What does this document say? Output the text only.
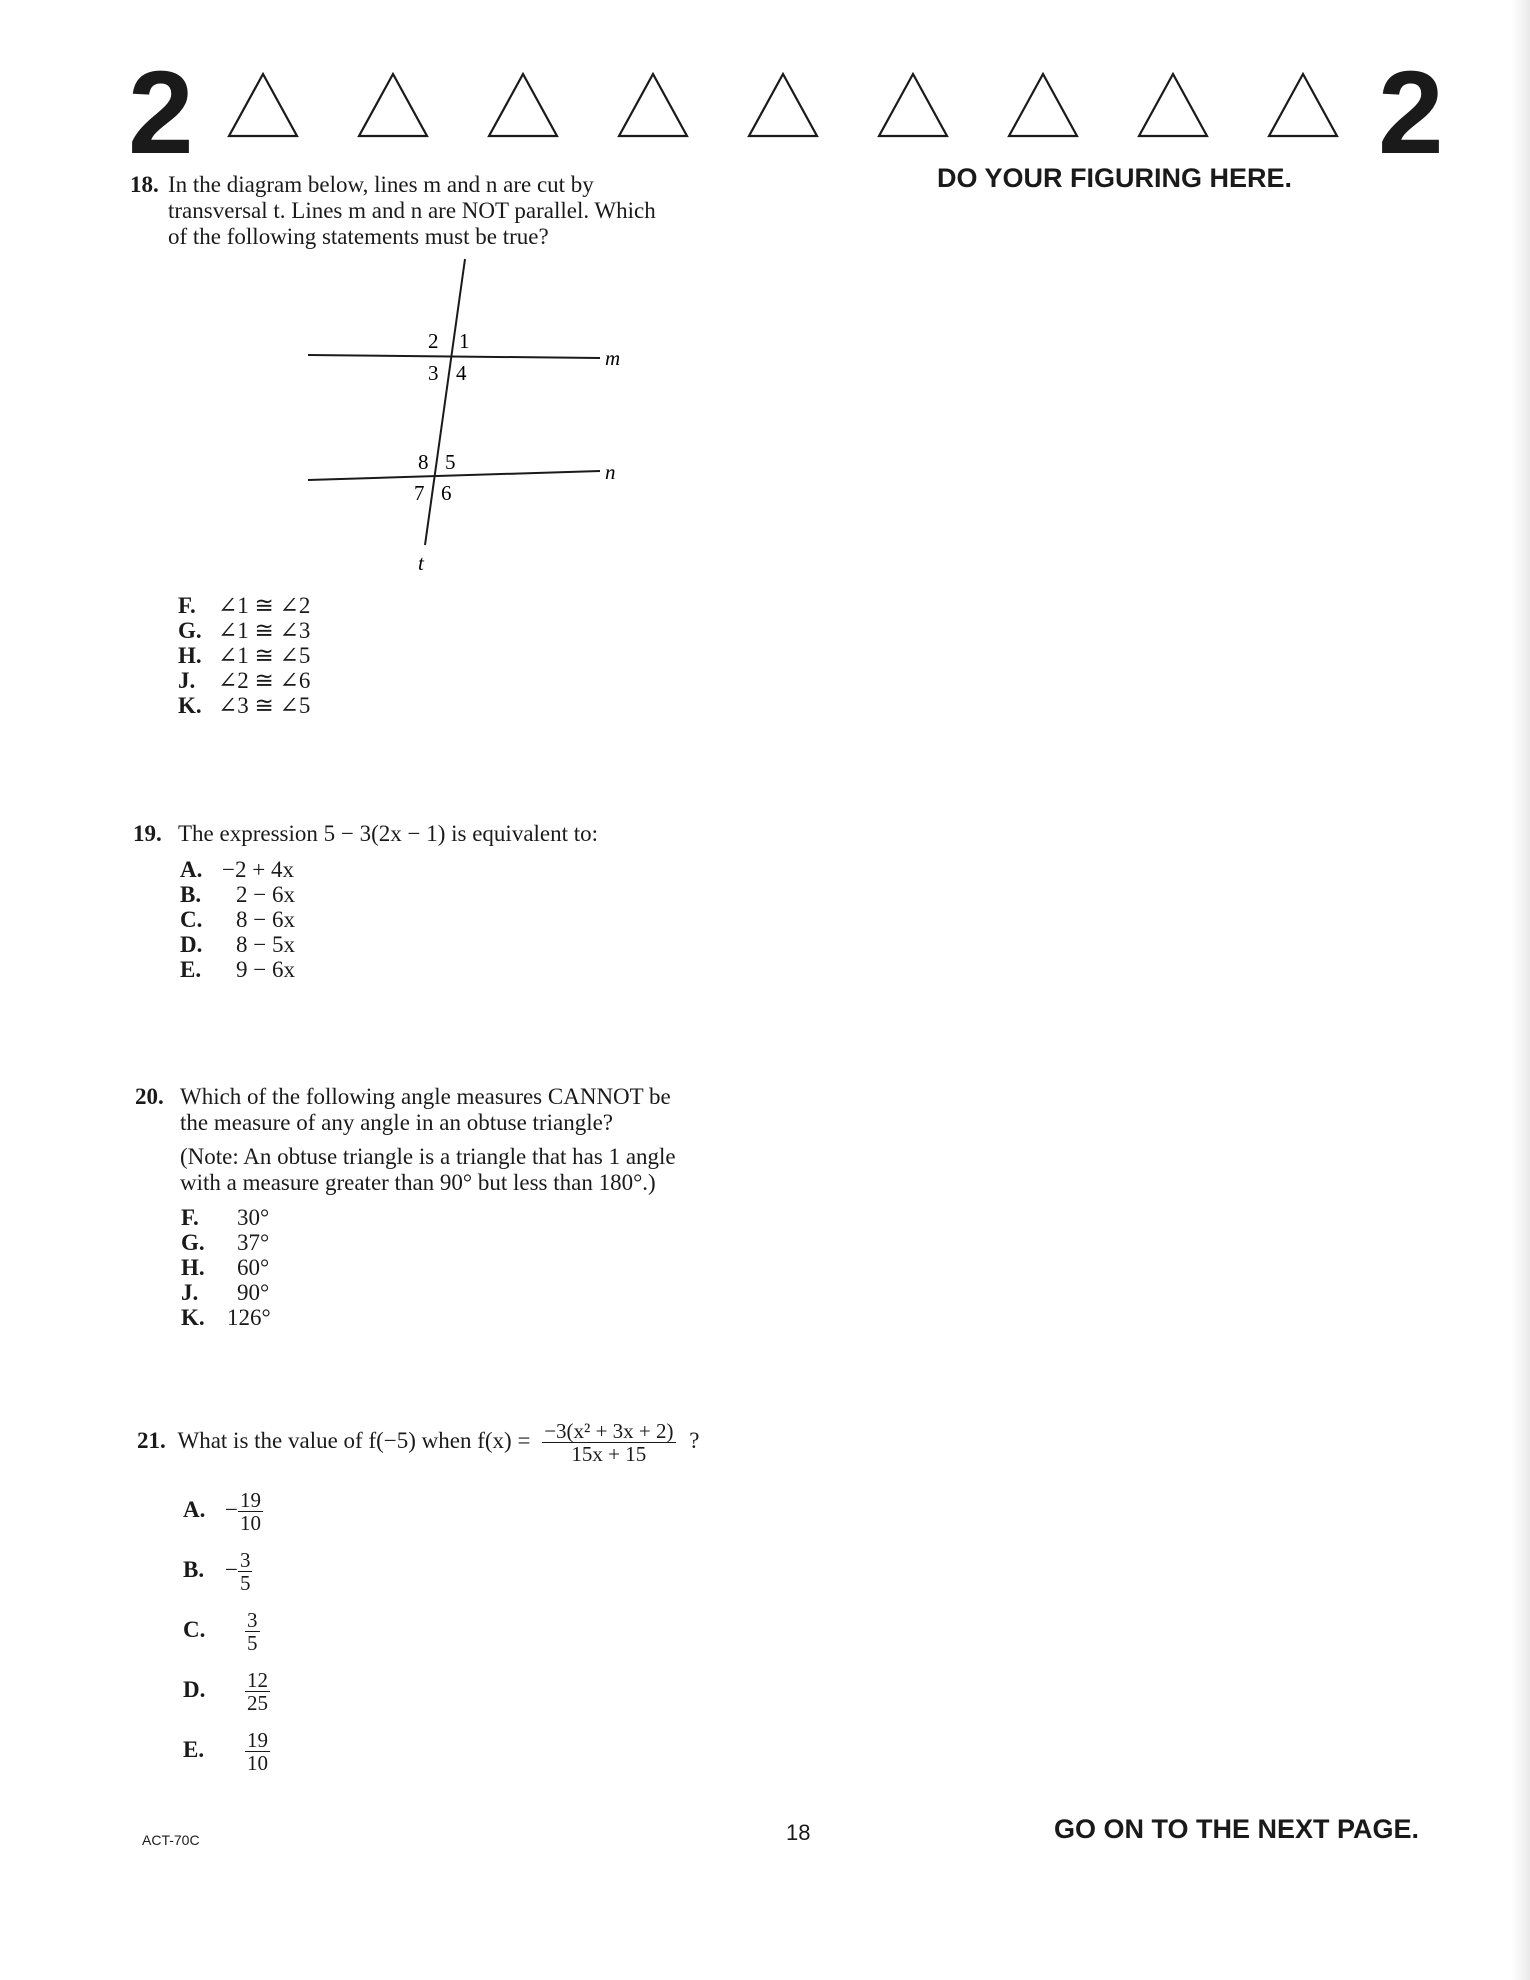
2	2
DO YOUR FIGURING HERE.
18. In the diagram below, lines m and n are cut by
transversal t. Lines m and n are NOT parallel. Which
of the following statements must be true?
m
n
t
1
2
3 4
5
6
7
8
F. ∠1 ≅ ∠2
G. ∠1 ≅ ∠3
H. ∠1 ≅ ∠5
J. ∠2 ≅ ∠6
K. ∠3 ≅ ∠5
19. The expression 5 − 3(2x − 1) is equivalent to:
A. −2 + 4x
B. 2 − 6x
C. 8 − 6x
D. 8 − 5x
E. 9 − 6x
20. Which of the following angle measures CANNOT be
the measure of any angle in an obtuse triangle?
(Note: An obtuse triangle is a triangle that has 1 angle
with a measure greater than 90° but less than 180°.)
F. 30°
G. 37°
H. 60°
J. 90°
K. 126°
21. What is the value of f(−5) when $f(x) = \frac{\text{−3(x² + 3x + 2)}}{15x + 15}$ ?
A. − $\frac{19}{10}$
B. − $\frac{3}{5}$
C. $\frac{3}{5}$
D. $\frac{12}{25}$
E. $\frac{19}{10}$
ACT-70C	18	GO ON TO THE NEXT PAGE.
